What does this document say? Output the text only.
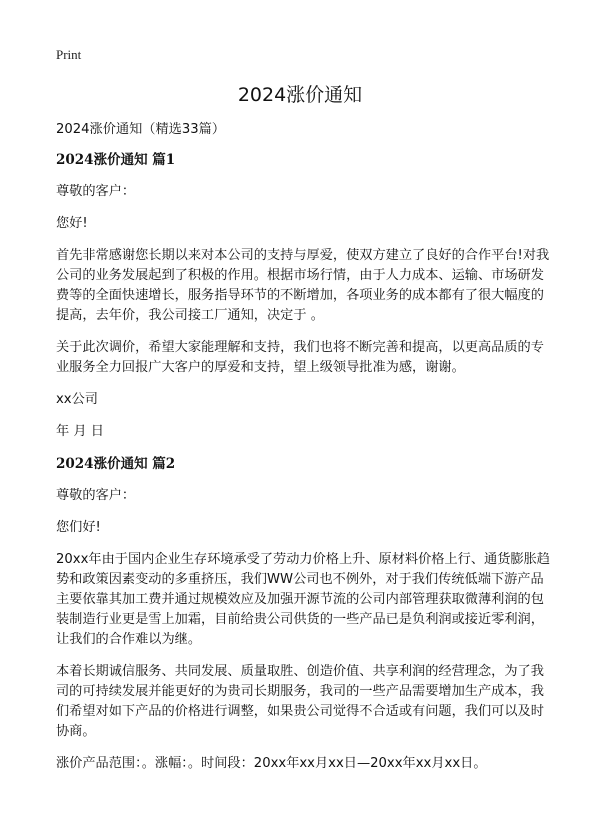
Print
2024涨价通知

2024涨价通知（精选33篇）

2024涨价通知 篇1

尊敬的客户：

您好!

首先非常感谢您长期以来对本公司的支持与厚爱，使双方建立了良好的合作平台!对我公司的业务发展起到了积极的作用。根据市场行情，由于人力成本、运输、市场研发费等的全面快速增长，服务指导环节的不断增加，各项业务的成本都有了很大幅度的提高，去年价，我公司接工厂通知，决定于 。

关于此次调价，希望大家能理解和支持，我们也将不断完善和提高，以更高品质的专业服务全力回报广大客户的厚爱和支持，望上级领导批准为感，谢谢。

xx公司

年 月 日

2024涨价通知 篇2

尊敬的客户：

您们好!

20xx年由于国内企业生存环境承受了劳动力价格上升、原材料价格上行、通货膨胀趋势和政策因素变动的多重挤压，我们WW公司也不例外，对于我们传统低端下游产品主要依靠其加工费并通过规模效应及加强开源节流的公司内部管理获取微薄利润的包装制造行业更是雪上加霜，目前给贵公司供货的一些产品已是负利润或接近零利润，让我们的合作难以为继。

本着长期诚信服务、共同发展、质量取胜、创造价值、共享利润的经营理念，为了我司的可持续发展并能更好的为贵司长期服务，我司的一些产品需要增加生产成本，我们希望对如下产品的价格进行调整，如果贵公司觉得不合适或有问题，我们可以及时协商。

涨价产品范围：。涨幅：。时间段：20xx年xx月xx日—20xx年xx月xx日。
